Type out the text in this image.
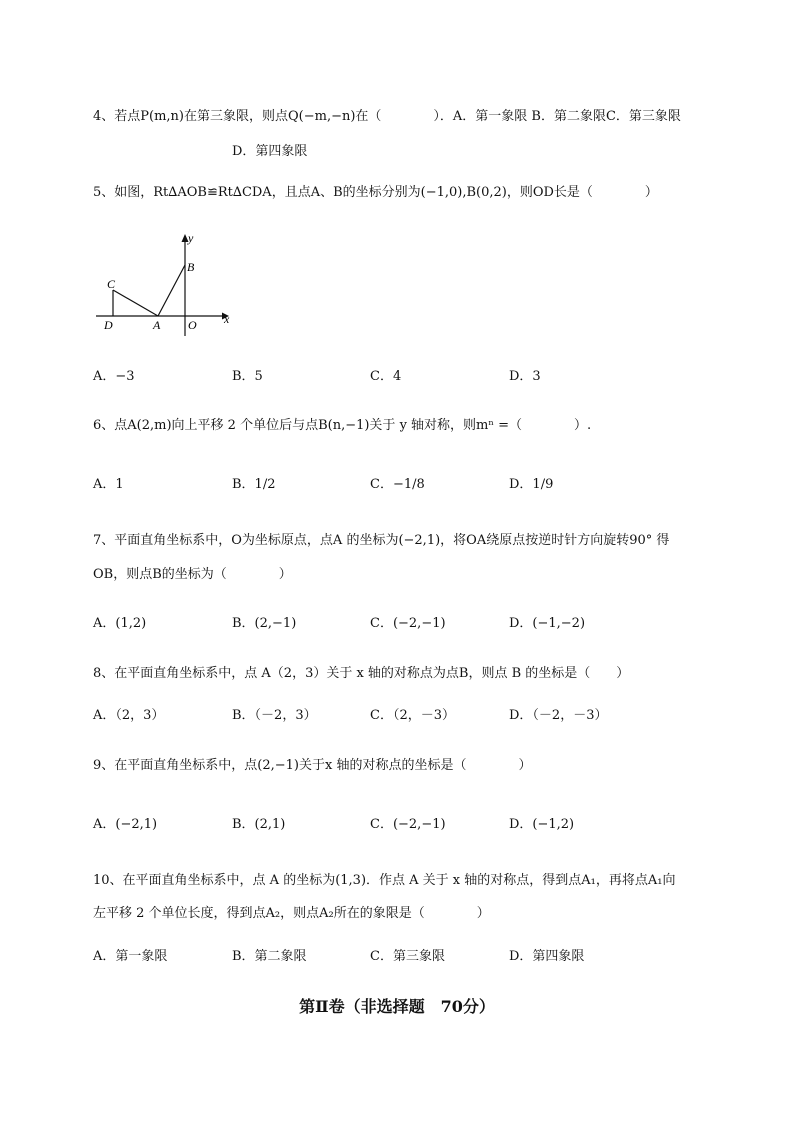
4、若点P(m,n)在第三象限，则点Q(−m,−n)在（　　　　）．A．第一象限 B．第二象限C．第三象限
D．第四象限
5、如图，Rt∆AOB≌Rt∆CDA，且点A、B的坐标分别为(−1,0),B(0,2)，则OD长是（　　　　）
y
x
B
C
D	A O
A．−3	B．5	C．4	D．3
6、点A(2,m)向上平移 2 个单位后与点B(n,−1)关于 y 轴对称，则mⁿ =（　　　　）.
A．1	B．1/2	C．−1/8	D．1/9
7、平面直角坐标系中，O为坐标原点，点A 的坐标为(−2,1)，将OA绕原点按逆时针方向旋转90° 得
OB，则点B的坐标为（　　　　）
A．(1,2)	B．(2,−1)	C．(−2,−1)	D．(−1,−2)
8、在平面直角坐标系中，点 A（2，3）关于 x 轴的对称点为点B，则点 B 的坐标是（　　）
A．（2，3）	B．（－2，3）	C．（2，－3）	D．（－2，－3）
9、在平面直角坐标系中，点(2,−1)关于x 轴的对称点的坐标是（　　　　）
A．(−2,1)	B．(2,1)	C．(−2,−1)	D．(−1,2)
10、在平面直角坐标系中，点 A 的坐标为(1,3)．作点 A 关于 x 轴的对称点，得到点A₁，再将点A₁向
左平移 2 个单位长度，得到点A₂，则点A₂所在的象限是（　　　　）
A．第一象限	B．第二象限	C．第三象限	D．第四象限
第Ⅱ卷（非选择题　70分）
